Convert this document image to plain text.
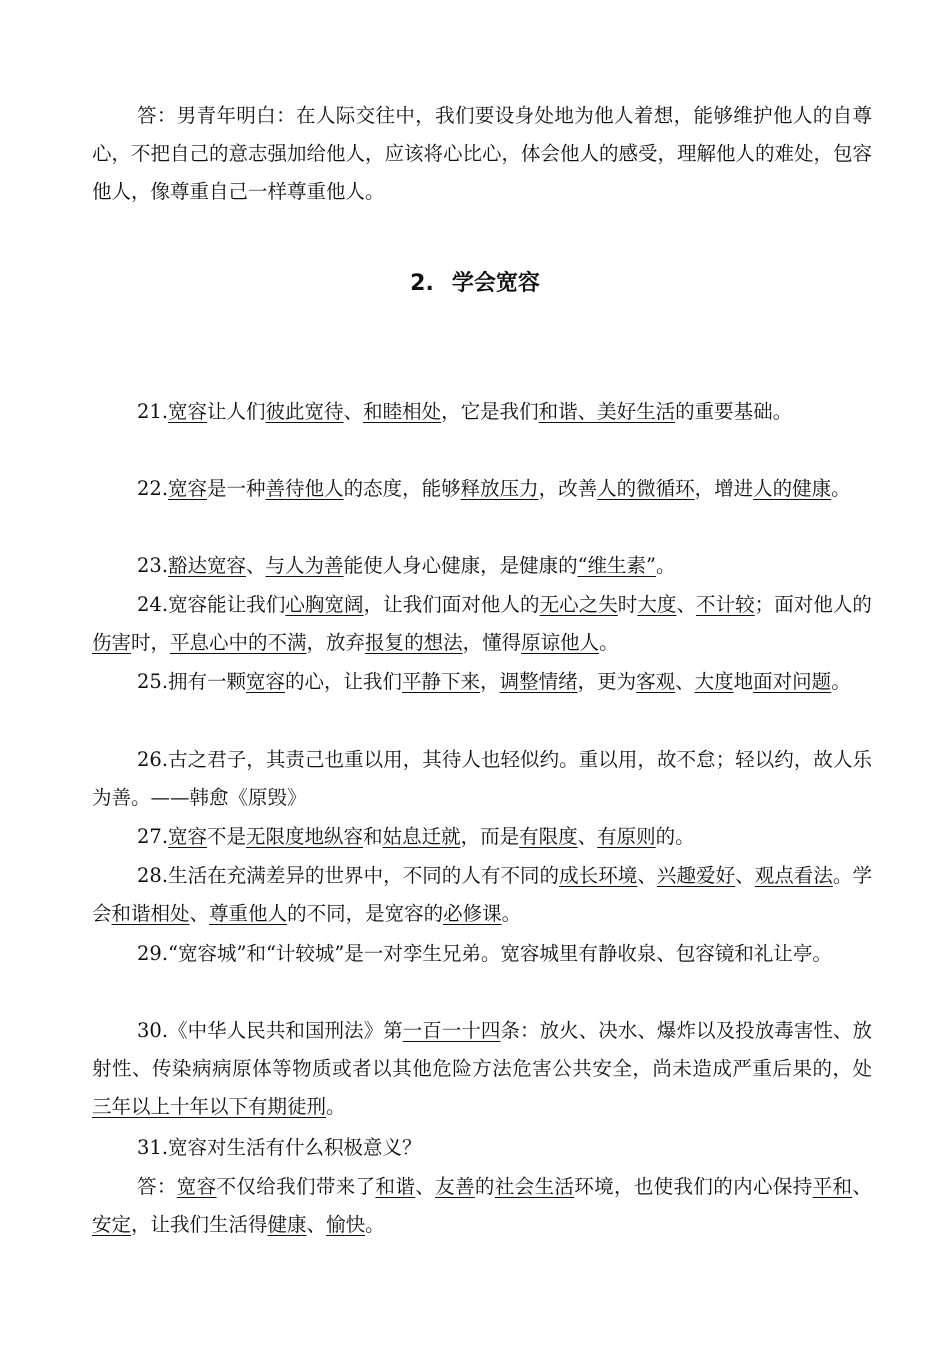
答：男青年明白：在人际交往中，我们要设身处地为他人着想，能够维护他人的自尊心，不把自己的意志强加给他人，应该将心比心，体会他人的感受，理解他人的难处，包容他人，像尊重自己一样尊重他人。

2. 学会宽容

21.宽容让人们彼此宽待、和睦相处，它是我们和谐、美好生活的重要基础。

22.宽容是一种善待他人的态度，能够释放压力，改善人的微循环，增进人的健康。

23.豁达宽容、与人为善能使人身心健康，是健康的“维生素”。

24.宽容能让我们心胸宽阔，让我们面对他人的无心之失时大度、不计较；面对他人的伤害时，平息心中的不满，放弃报复的想法，懂得原谅他人。

25.拥有一颗宽容的心，让我们平静下来，调整情绪，更为客观、大度地面对问题。

26.古之君子，其责己也重以用，其待人也轻似约。重以用，故不怠；轻以约，故人乐为善。——韩愈《原毁》

27.宽容不是无限度地纵容和姑息迁就，而是有限度、有原则的。

28.生活在充满差异的世界中，不同的人有不同的成长环境、兴趣爱好、观点看法。学会和谐相处、尊重他人的不同，是宽容的必修课。

29.“宽容城”和“计较城”是一对孪生兄弟。宽容城里有静收泉、包容镜和礼让亭。

30.《中华人民共和国刑法》第一百一十四条：放火、决水、爆炸以及投放毒害性、放射性、传染病病原体等物质或者以其他危险方法危害公共安全，尚未造成严重后果的，处三年以上十年以下有期徒刑。

31.宽容对生活有什么积极意义？

答：宽容不仅给我们带来了和谐、友善的社会生活环境，也使我们的内心保持平和、安定，让我们生活得健康、愉快。
